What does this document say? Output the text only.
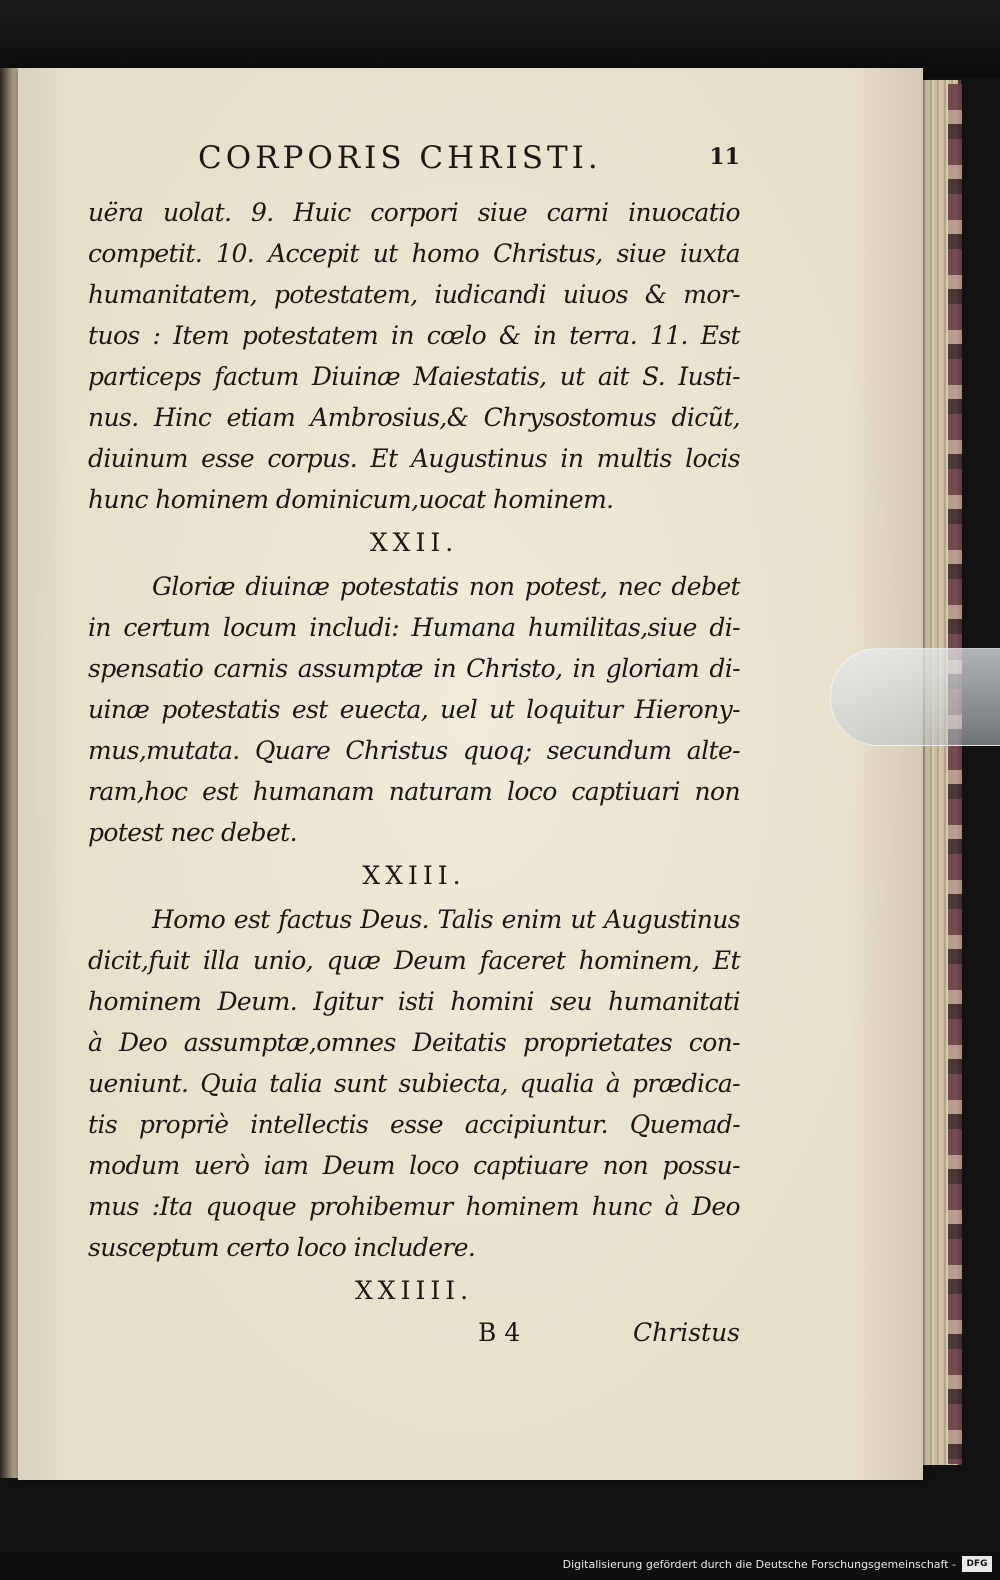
CORPORIS CHRISTI.	11
uëra uolat. 9. Huic corpori siue carni inuocatio
competit. 10. Accepit ut homo Christus, siue iuxta
humanitatem, potestatem, iudicandi uiuos & mor-
tuos : Item potestatem in cœlo & in terra. 11. Est
particeps factum Diuinæ Maiestatis, ut ait S. Iusti-
nus. Hinc etiam Ambrosius,& Chrysostomus dicũt,
diuinum esse corpus. Et Augustinus in multis locis
hunc hominem dominicum,uocat hominem.
XXII.
Gloriæ diuinæ potestatis non potest, nec debet
in certum locum includi: Humana humilitas,siue di-
spensatio carnis assumptæ in Christo, in gloriam di-
uinæ potestatis est euecta, uel ut loquitur Hierony-
mus,mutata. Quare Christus quoq; secundum alte-
ram,hoc est humanam naturam loco captiuari non
potest nec debet.
XXIII.
Homo est factus Deus. Talis enim ut Augustinus
dicit,fuit illa unio, quæ Deum faceret hominem, Et
hominem Deum. Igitur isti homini seu humanitati
à Deo assumptæ,omnes Deitatis proprietates con-
ueniunt. Quia talia sunt subiecta, qualia à prædica-
tis propriè intellectis esse accipiuntur. Quemad-
modum uerò iam Deum loco captiuare non possu-
mus :Ita quoque prohibemur hominem hunc à Deo
susceptum certo loco includere.
XXIIII.
B 4	Christus
Digitalisierung gefördert durch die Deutsche Forschungsgemeinschaft -	DFG
